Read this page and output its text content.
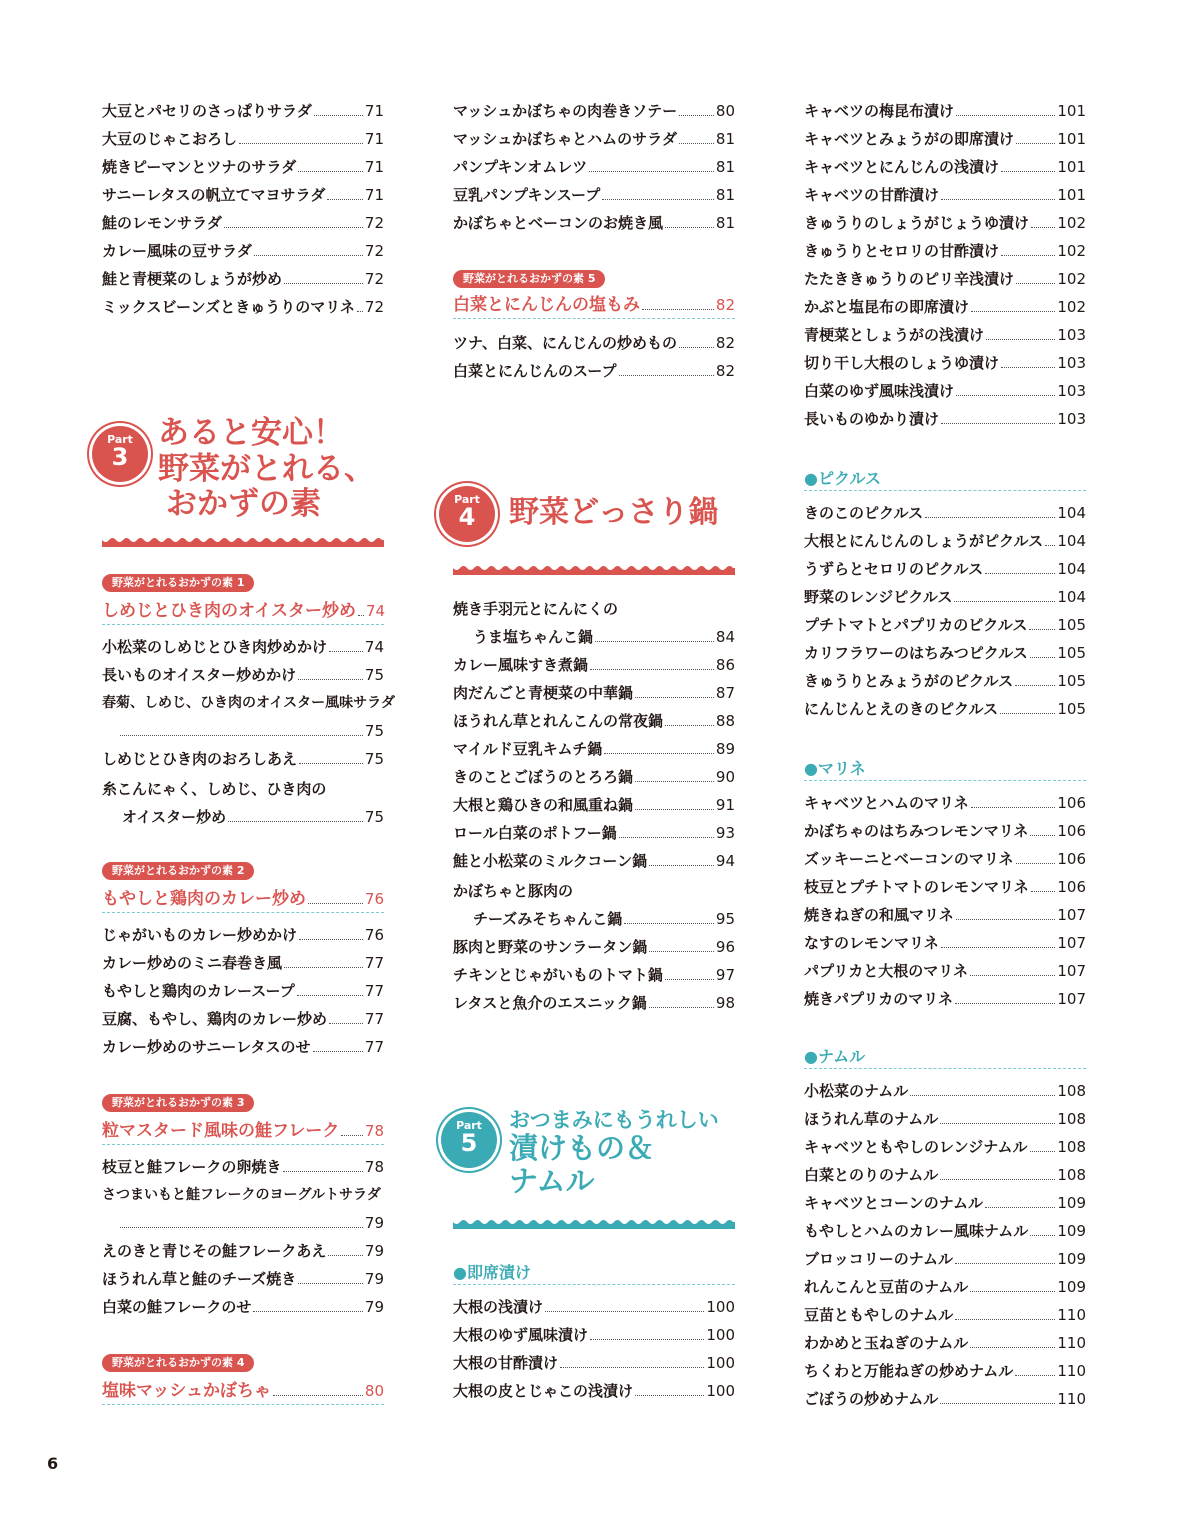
大豆とパセリのさっぱりサラダ	71
大豆のじゃこおろし	71
焼きピーマンとツナのサラダ	71
サニーレタスの帆立てマヨサラダ	71
鮭のレモンサラダ	72
カレー風味の豆サラダ	72
鮭と青梗菜のしょうが炒め	72
ミックスビーンズときゅうりのマリネ 72
Part
3
あると安心！
野菜がとれる、
おかずの素
野菜がとれるおかずの素 1
しめじとひき肉のオイスター炒め 74
小松菜のしめじとひき肉炒めかけ	74
長いものオイスター炒めかけ	75
春菊、しめじ、ひき肉のオイスター風味サラダ
75
しめじとひき肉のおろしあえ	75
糸こんにゃく、しめじ、ひき肉の
オイスター炒め	75
野菜がとれるおかずの素 2
もやしと鶏肉のカレー炒め	76
じゃがいものカレー炒めかけ	76
カレー炒めのミニ春巻き風	77
もやしと鶏肉のカレースープ	77
豆腐、もやし、鶏肉のカレー炒め	77
カレー炒めのサニーレタスのせ	77
野菜がとれるおかずの素 3
粒マスタード風味の鮭フレーク 78
枝豆と鮭フレークの卵焼き	78
さつまいもと鮭フレークのヨーグルトサラダ
79
えのきと青じその鮭フレークあえ	79
ほうれん草と鮭のチーズ焼き	79
白菜の鮭フレークのせ	79
野菜がとれるおかずの素 4
塩味マッシュかぼちゃ	80
マッシュかぼちゃの肉巻きソテー	80
マッシュかぼちゃとハムのサラダ	81
パンプキンオムレツ	81
豆乳パンプキンスープ	81
かぼちゃとベーコンのお焼き風	81
野菜がとれるおかずの素 5
白菜とにんじんの塩もみ	82
ツナ、白菜、にんじんの炒めもの	82
白菜とにんじんのスープ	82
Part
4	野菜どっさり鍋
焼き手羽元とにんにくの
うま塩ちゃんこ鍋	84
カレー風味すき煮鍋	86
肉だんごと青梗菜の中華鍋	87
ほうれん草とれんこんの常夜鍋	88
マイルド豆乳キムチ鍋	89
きのことごぼうのとろろ鍋	90
大根と鶏ひきの和風重ね鍋	91
ロール白菜のポトフー鍋	93
鮭と小松菜のミルクコーン鍋	94
かぼちゃと豚肉の
チーズみそちゃんこ鍋	95
豚肉と野菜のサンラータン鍋	96
チキンとじゃがいものトマト鍋	97
レタスと魚介のエスニック鍋	98
Part
5
おつまみにもうれしい
漬けもの＆
ナムル
●即席漬け
大根の浅漬け	100
大根のゆず風味漬け	100
大根の甘酢漬け	100
大根の皮とじゃこの浅漬け	100
キャベツの梅昆布漬け	101
キャベツとみょうがの即席漬け	101
キャベツとにんじんの浅漬け	101
キャベツの甘酢漬け	101
きゅうりのしょうがじょうゆ漬け 102
きゅうりとセロリの甘酢漬け	102
たたききゅうりのピリ辛浅漬け	102
かぶと塩昆布の即席漬け	102
青梗菜としょうがの浅漬け	103
切り干し大根のしょうゆ漬け	103
白菜のゆず風味浅漬け	103
長いものゆかり漬け	103
●ピクルス
きのこのピクルス	104
大根とにんじんのしょうがピクルス 104
うずらとセロリのピクルス	104
野菜のレンジピクルス	104
プチトマトとパプリカのピクルス 105
カリフラワーのはちみつピクルス 105
きゅうりとみょうがのピクルス	105
にんじんとえのきのピクルス	105
●マリネ
キャベツとハムのマリネ	106
かぼちゃのはちみつレモンマリネ 106
ズッキーニとベーコンのマリネ	106
枝豆とプチトマトのレモンマリネ 106
焼きねぎの和風マリネ	107
なすのレモンマリネ	107
パプリカと大根のマリネ	107
焼きパプリカのマリネ	107
●ナムル
小松菜のナムル	108
ほうれん草のナムル	108
キャベツともやしのレンジナムル 108
白菜とのりのナムル	108
キャベツとコーンのナムル	109
もやしとハムのカレー風味ナムル 109
ブロッコリーのナムル	109
れんこんと豆苗のナムル	109
豆苗ともやしのナムル	110
わかめと玉ねぎのナムル	110
ちくわと万能ねぎの炒めナムル	110
ごぼうの炒めナムル	110
6
